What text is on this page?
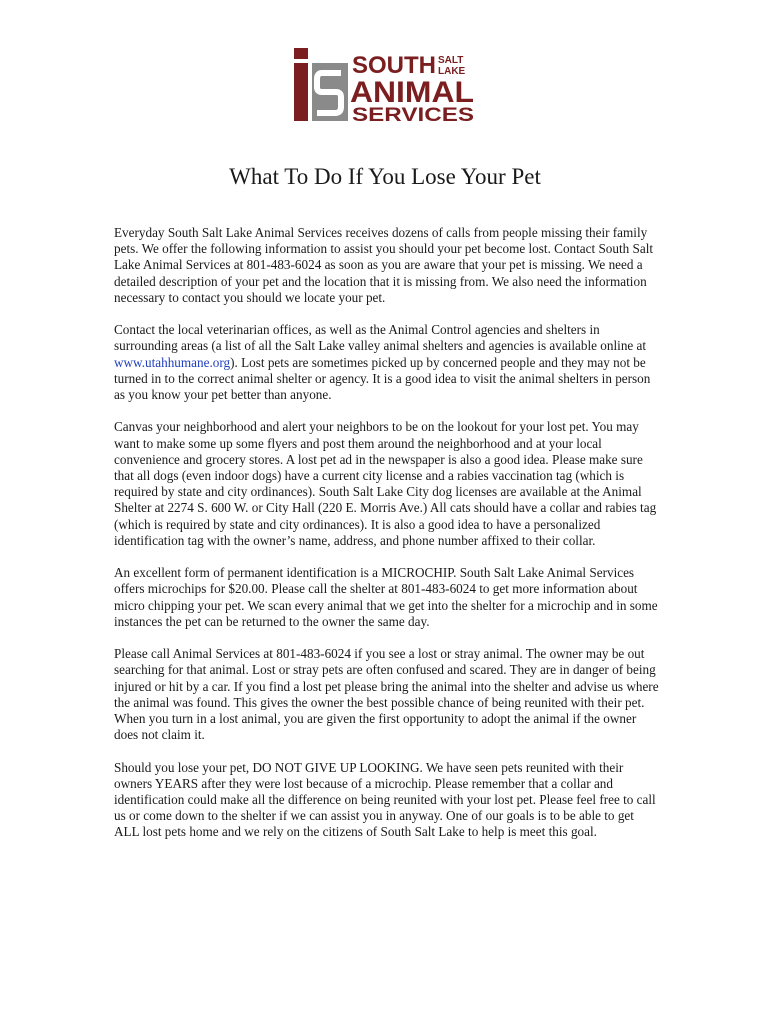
SOUTH SALT
LAKE
ANIMAL
SERVICES
What To Do If You Lose Your Pet

Everyday South Salt Lake Animal Services receives dozens of calls from people missing their family pets. We offer the following information to assist you should your pet become lost. Contact South Salt Lake Animal Services at 801-483-6024 as soon as you are aware that your pet is missing. We need a detailed description of your pet and the location that it is missing from. We also need the information necessary to contact you should we locate your pet.

Contact the local veterinarian offices, as well as the Animal Control agencies and shelters in surrounding areas (a list of all the Salt Lake valley animal shelters and agencies is available online at www.utahhumane.org). Lost pets are sometimes picked up by concerned people and they may not be turned in to the correct animal shelter or agency. It is a good idea to visit the animal shelters in person as you know your pet better than anyone.

Canvas your neighborhood and alert your neighbors to be on the lookout for your lost pet. You may want to make some up some flyers and post them around the neighborhood and at your local convenience and grocery stores. A lost pet ad in the newspaper is also a good idea. Please make sure that all dogs (even indoor dogs) have a current city license and a rabies vaccination tag (which is required by state and city ordinances). South Salt Lake City dog licenses are available at the Animal Shelter at 2274 S. 600 W. or City Hall (220 E. Morris Ave.) All cats should have a collar and rabies tag (which is required by state and city ordinances). It is also a good idea to have a personalized identification tag with the owner’s name, address, and phone number affixed to their collar.

An excellent form of permanent identification is a MICROCHIP. South Salt Lake Animal Services offers microchips for $20.00. Please call the shelter at 801-483-6024 to get more information about micro chipping your pet. We scan every animal that we get into the shelter for a microchip and in some instances the pet can be returned to the owner the same day.

Please call Animal Services at 801-483-6024 if you see a lost or stray animal. The owner may be out searching for that animal. Lost or stray pets are often confused and scared. They are in danger of being injured or hit by a car. If you find a lost pet please bring the animal into the shelter and advise us where the animal was found. This gives the owner the best possible chance of being reunited with their pet. When you turn in a lost animal, you are given the first opportunity to adopt the animal if the owner does not claim it.

Should you lose your pet, DO NOT GIVE UP LOOKING. We have seen pets reunited with their owners YEARS after they were lost because of a microchip. Please remember that a collar and identification could make all the difference on being reunited with your lost pet. Please feel free to call us or come down to the shelter if we can assist you in anyway. One of our goals is to be able to get ALL lost pets home and we rely on the citizens of South Salt Lake to help is meet this goal.
